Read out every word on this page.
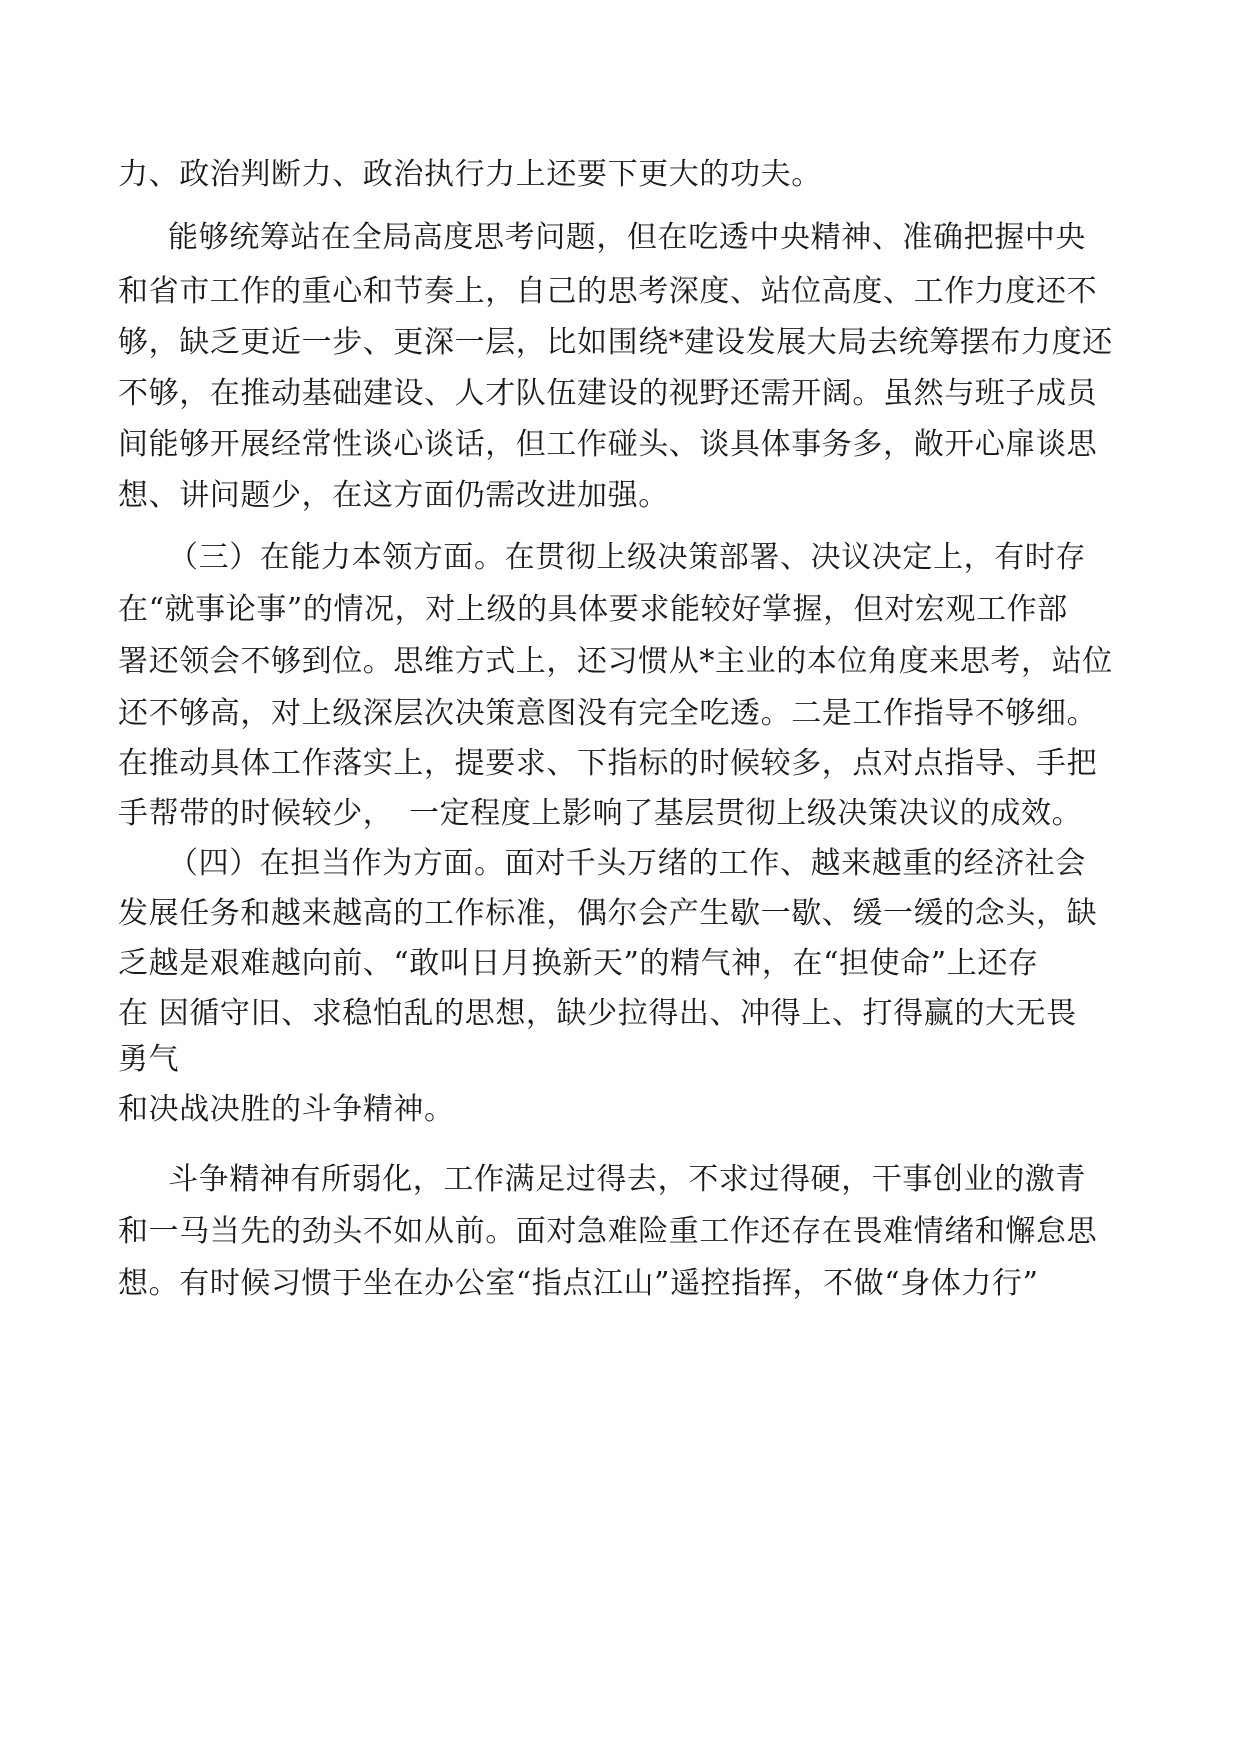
力、政治判断力、政治执行力上还要下更大的功夫。
能够统筹站在全局高度思考问题，但在吃透中央精神、准确把握中央
和省市工作的重心和节奏上，自己的思考深度、站位高度、工作力度还不
够，缺乏更近一步、更深一层，比如围绕*建设发展大局去统筹摆布力度还
不够，在推动基础建设、人才队伍建设的视野还需开阔。虽然与班子成员
间能够开展经常性谈心谈话，但工作碰头、谈具体事务多，敞开心扉谈思
想、讲问题少，在这方面仍需改进加强。
（三）在能力本领方面。在贯彻上级决策部署、决议决定上，有时存
在“就事论事”的情况，对上级的具体要求能较好掌握，但对宏观工作部
署还领会不够到位。思维方式上，还习惯从*主业的本位角度来思考，站位
还不够高，对上级深层次决策意图没有完全吃透。二是工作指导不够细。
在推动具体工作落实上，提要求、下指标的时候较多，点对点指导、手把
手帮带的时候较少，　一定程度上影响了基层贯彻上级决策决议的成效。
（四）在担当作为方面。面对千头万绪的工作、越来越重的经济社会
发展任务和越来越高的工作标准，偶尔会产生歇一歇、缓一缓的念头，缺
乏越是艰难越向前、“敢叫日月换新天”的精气神，在“担使命”上还存
在 因循守旧、求稳怕乱的思想，缺少拉得出、冲得上、打得赢的大无畏
勇气
和决战决胜的斗争精神。
斗争精神有所弱化，工作满足过得去，不求过得硬，干事创业的激青
和一马当先的劲头不如从前。面对急难险重工作还存在畏难情绪和懈怠思
想。有时候习惯于坐在办公室“指点江山”遥控指挥，不做“身体力行”
